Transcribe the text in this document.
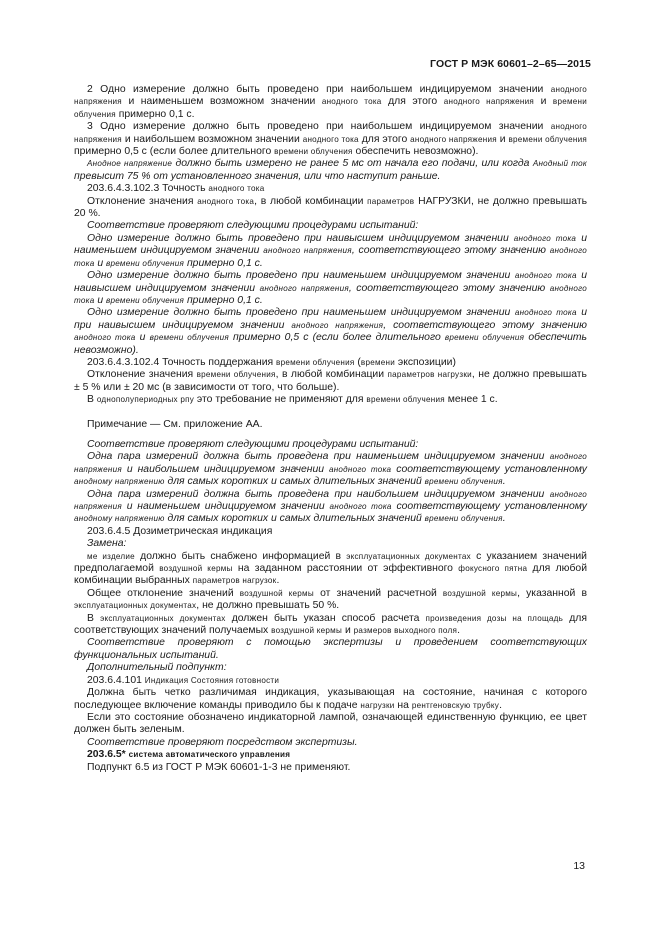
ГОСТ Р МЭК 60601–2–65—2015

2 Одно измерение должно быть проведено при наибольшем индицируемом значении анодного напряжения и наименьшем возможном значении анодного тока для этого анодного напряжения и времени облучения примерно 0,1 с.

3 Одно измерение должно быть проведено при наибольшем индицируемом значении анодного напряжения и наибольшем возможном значении анодного тока для этого анодного напряжения и времени облучения примерно 0,5 с (если более длительного времени облучения обеспечить невозможно).

Анодное напряжение должно быть измерено не ранее 5 мс от начала его подачи, или когда Анодный ток превысит 75 % от установленного значения, или что наступит раньше.

203.6.4.3.102.3 Точность анодного тока

Отклонение значения анодного тока, в любой комбинации параметров НАГРУЗКИ, не должно превышать 20 %.

Соответствие проверяют следующими процедурами испытаний:

Одно измерение должно быть проведено при наивысшем индицируемом значении анодного тока и наименьшем индицируемом значении анодного напряжения, соответствующего этому значению анодного тока и времени облучения примерно 0,1 с.

Одно измерение должно быть проведено при наименьшем индицируемом значении анодного тока и наивысшем индицируемом значении анодного напряжения, соответствующего этому значению анодного тока и времени облучения примерно 0,1 с.

Одно измерение должно быть проведено при наименьшем индицируемом значении анодного тока и при наивысшем индицируемом значении анодного напряжения, соответствующего этому значению анодного тока и времени облучения примерно 0,5 с (если более длительного времени облучения обеспечить невозможно).

203.6.4.3.102.4 Точность поддержания времени облучения (времени экспозиции)

Отклонение значения времени облучения, в любой комбинации параметров нагрузки, не должно превышать ± 5 % или ± 20 мс (в зависимости от того, что больше).

В однополупериодных рпу это требование не применяют для времени облучения менее 1 с.

Примечание — См. приложение АА.

Соответствие проверяют следующими процедурами испытаний:

Одна пара измерений должна быть проведена при наименьшем индицируемом значении анодного напряжения и наибольшем индицируемом значении анодного тока соответствующему установленному анодному напряжению для самых коротких и самых длительных значений времени облучения.

Одна пара измерений должна быть проведена при наибольшем индицируемом значении анодного напряжения и наименьшем индицируемом значении анодного тока соответствующему установленному анодному напряжению для самых коротких и самых длительных значений времени облучения.

203.6.4.5 Дозиметрическая индикация

Замена:

ме изделие должно быть снабжено информацией в эксплуатационных документах с указанием значений предполагаемой воздушной кермы на заданном расстоянии от эффективного фокусного пятна для любой комбинации выбранных параметров нагрузок.

Общее отклонение значений воздушной кермы от значений расчетной воздушной кермы, указанной в эксплуатационных документах, не должно превышать 50 %.

В эксплуатационных документах должен быть указан способ расчета произведения дозы на площадь для соответствующих значений получаемых воздушной кермы и размеров выходного поля.

Соответствие проверяют с помощью экспертизы и проведением соответствующих функциональных испытаний.

Дополнительный подпункт:

203.6.4.101 Индикация Состояния готовности

Должна быть четко различимая индикация, указывающая на состояние, начиная с которого последующее включение команды приводило бы к подаче нагрузки на рентгеновскую трубку.

Если это состояние обозначено индикаторной лампой, означающей единственную функцию, ее цвет должен быть зеленым.

Соответствие проверяют посредством экспертизы.

203.6.5* система автоматического управления

Подпункт 6.5 из ГОСТ Р МЭК 60601-1-3 не применяют.

13
